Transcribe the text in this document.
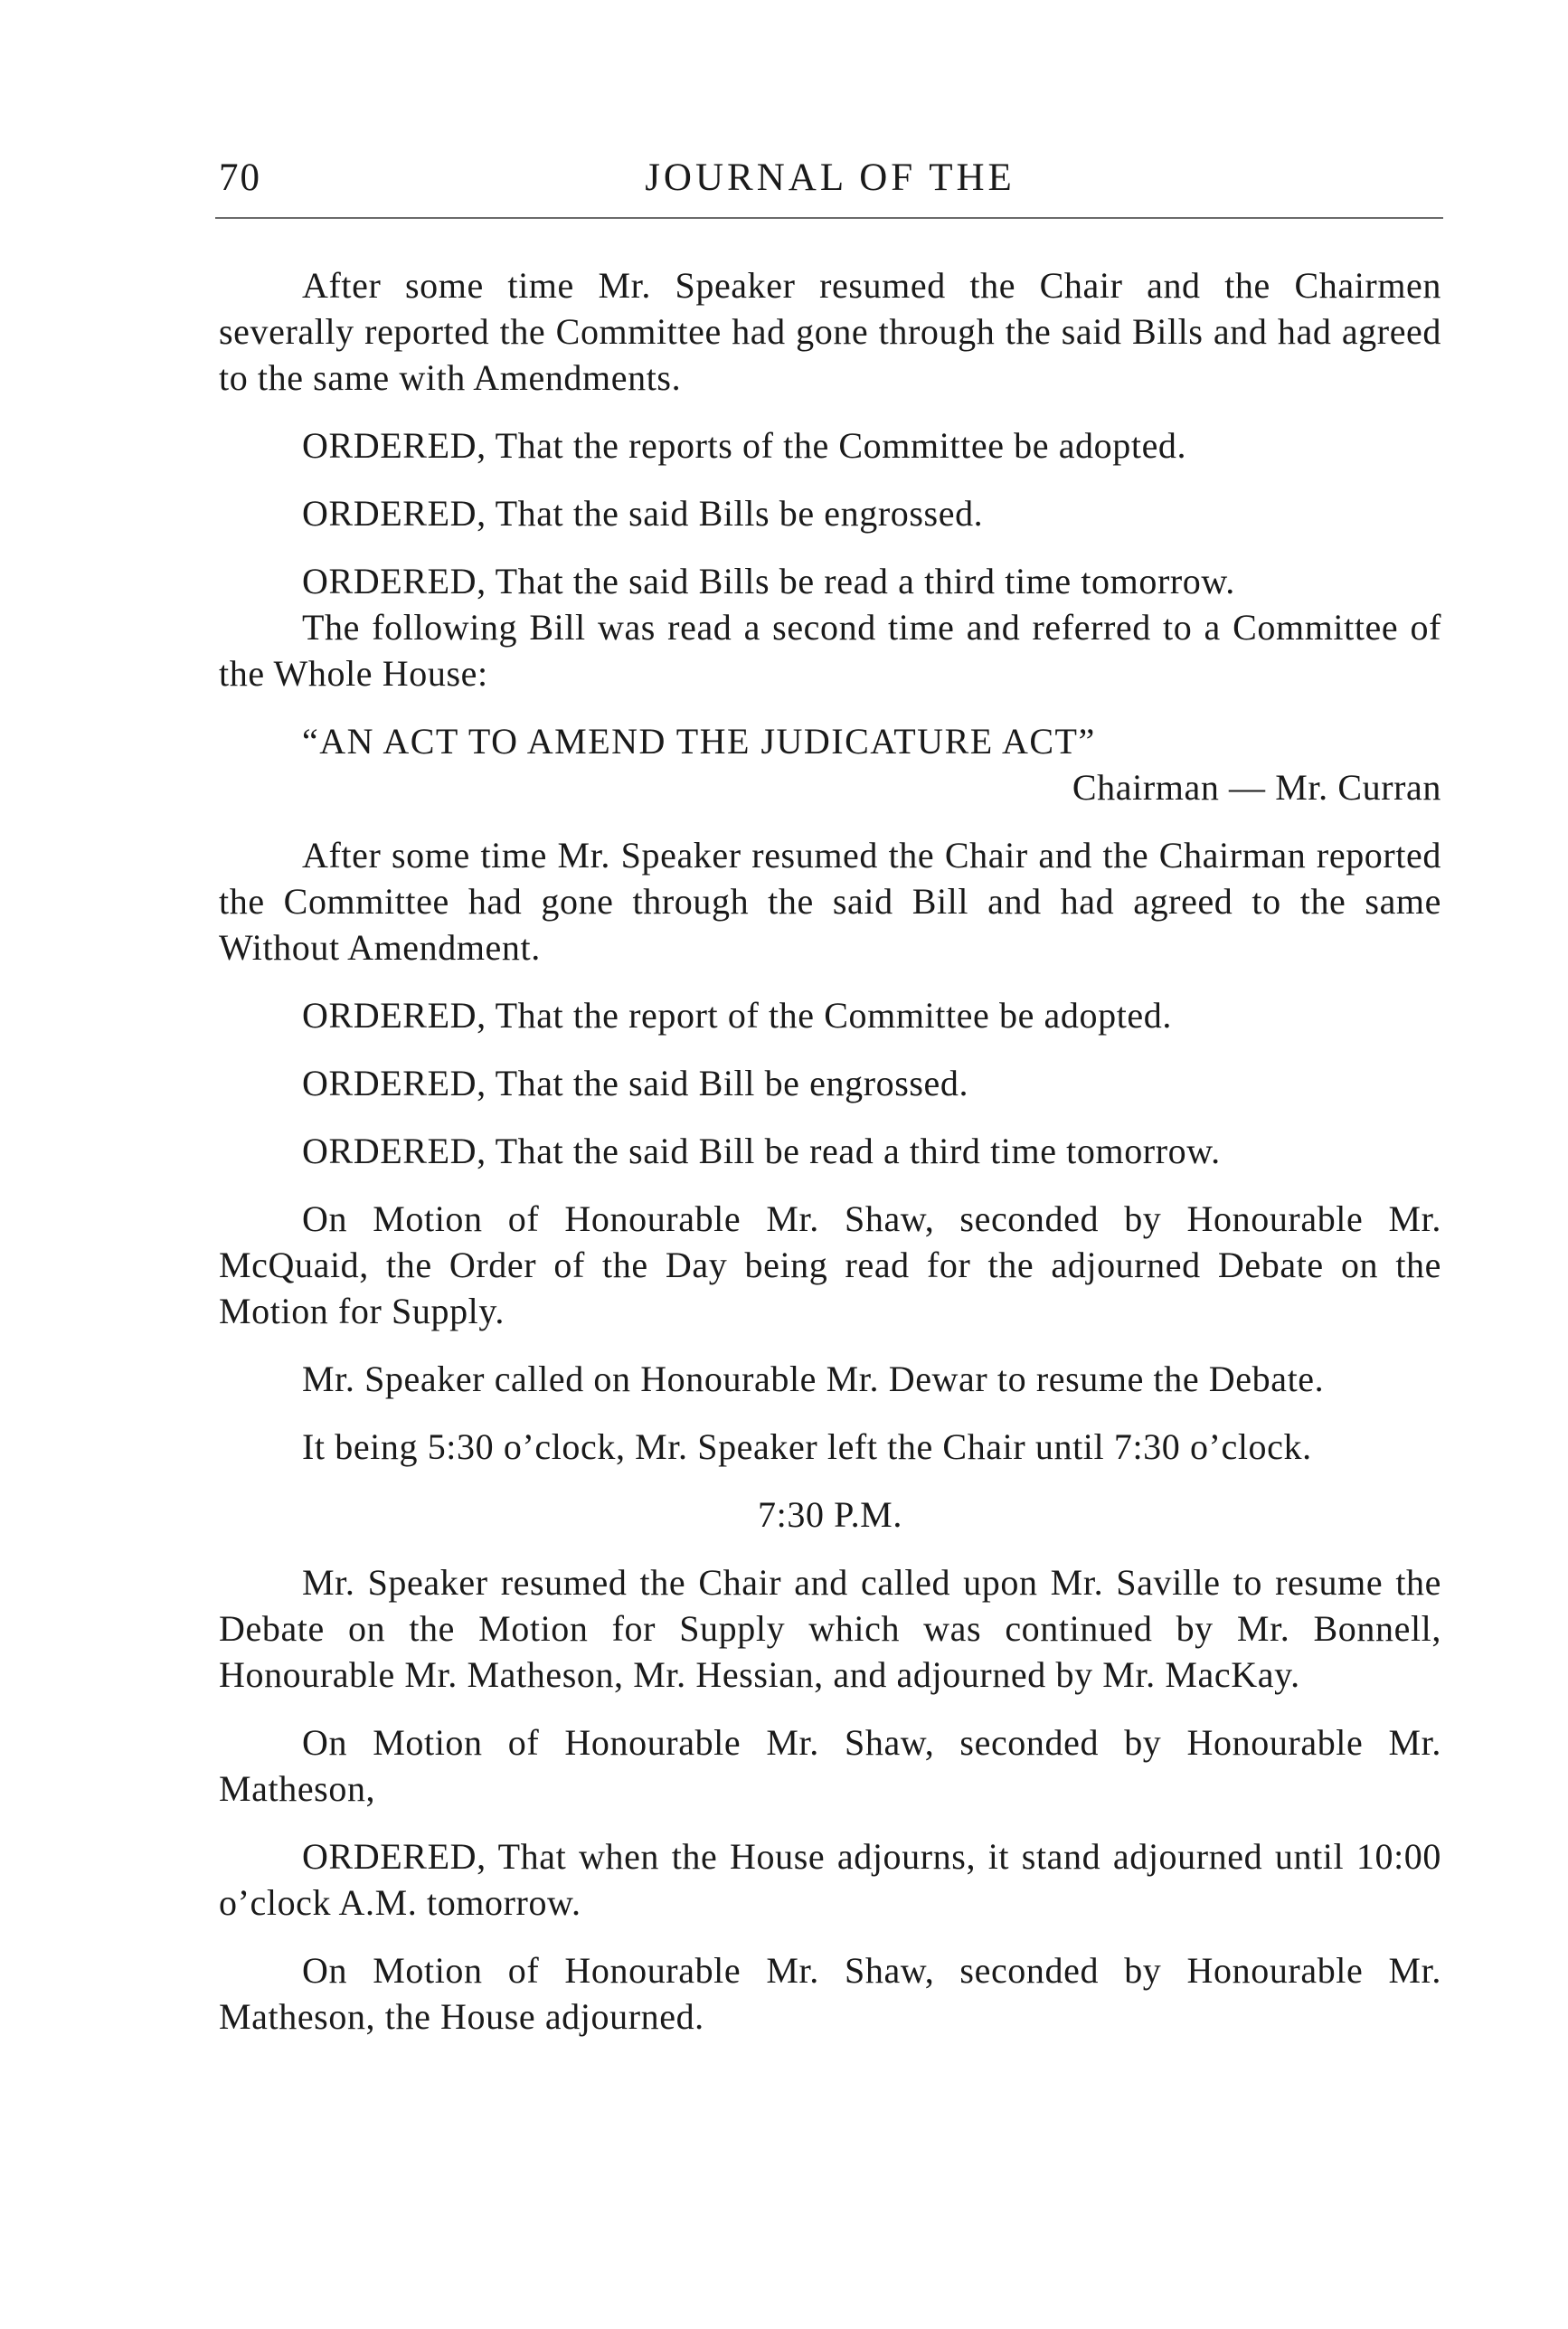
70	JOURNAL OF THE

After some time Mr. Speaker resumed the Chair and the Chairmen severally reported the Committee had gone through the said Bills and had agreed to the same with Amendments.

ORDERED, That the reports of the Committee be adopted.

ORDERED, That the said Bills be engrossed.

ORDERED, That the said Bills be read a third time tomorrow.

The following Bill was read a second time and referred to a Committee of the Whole House:

“AN ACT TO AMEND THE JUDICATURE ACT”

Chairman — Mr. Curran

After some time Mr. Speaker resumed the Chair and the Chairman reported the Committee had gone through the said Bill and had agreed to the same Without Amendment.

ORDERED, That the report of the Committee be adopted.

ORDERED, That the said Bill be engrossed.

ORDERED, That the said Bill be read a third time tomorrow.

On Motion of Honourable Mr. Shaw, seconded by Honourable Mr. McQuaid, the Order of the Day being read for the adjourned Debate on the Motion for Supply.

Mr. Speaker called on Honourable Mr. Dewar to resume the Debate.

It being 5:30 o’clock, Mr. Speaker left the Chair until 7:30 o’clock.

7:30 P.M.

Mr. Speaker resumed the Chair and called upon Mr. Saville to resume the Debate on the Motion for Supply which was continued by Mr. Bonnell, Honourable Mr. Matheson, Mr. Hessian, and adjourned by Mr. MacKay.

On Motion of Honourable Mr. Shaw, seconded by Honourable Mr. Matheson,

ORDERED, That when the House adjourns, it stand adjourned until 10:00 o’clock A.M. tomorrow.

On Motion of Honourable Mr. Shaw, seconded by Honourable Mr. Matheson, the House adjourned.
